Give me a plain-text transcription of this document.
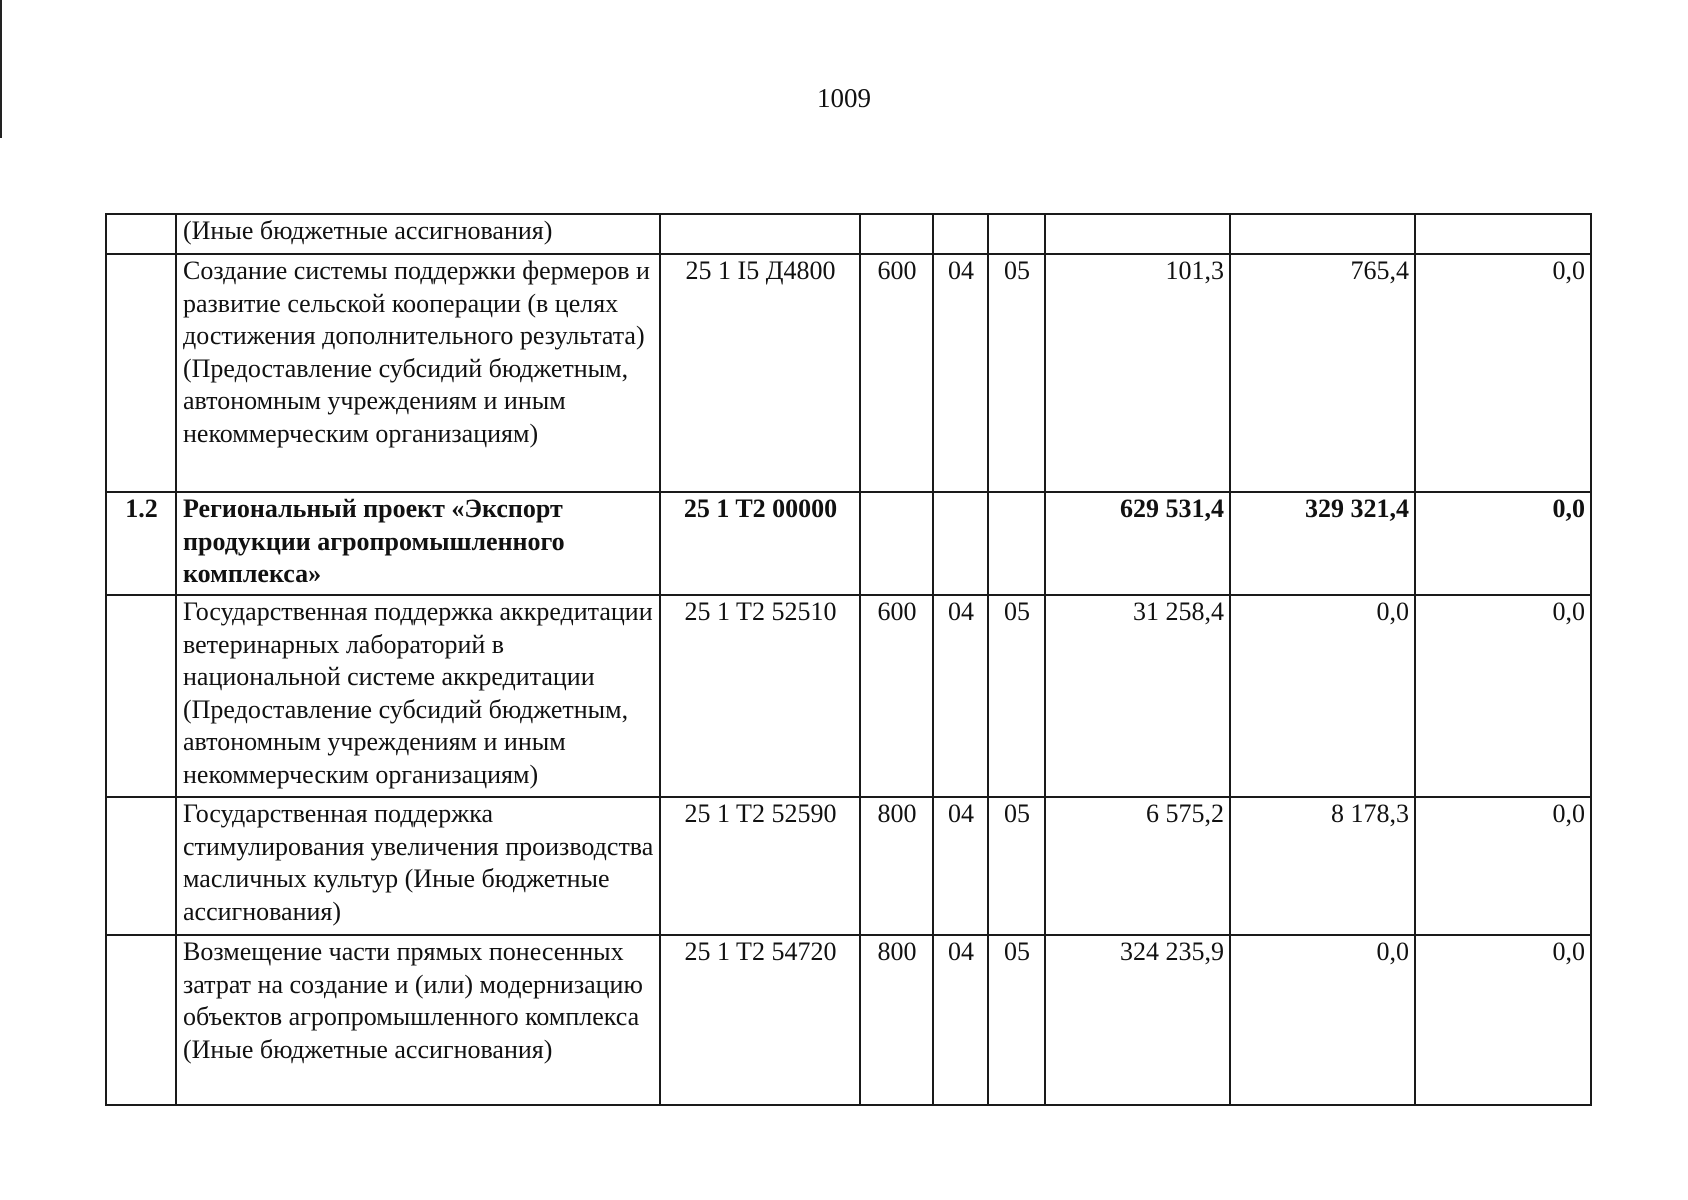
1009
	(Иные бюджетные ассигнования)							
	Создание системы поддержки фермеров и развитие сельской кооперации (в целях достижения дополнительного результата) (Предоставление субсидий бюджетным, автономным учреждениям и иным некоммерческим организациям)	25 1 I5 Д4800	600	04	05	101,3	765,4	0,0
1.2	Региональный проект «Экспорт продукции агропромышленного комплекса»	25 1 T2 00000				629 531,4	329 321,4	0,0
	Государственная поддержка аккредитации ветеринарных лабораторий в национальной системе аккредитации (Предоставление субсидий бюджетным, автономным учреждениям и иным некоммерческим организациям)	25 1 T2 52510	600	04	05	31 258,4	0,0	0,0
	Государственная поддержка стимулирования увеличения производства масличных культур (Иные бюджетные ассигнования)	25 1 T2 52590	800	04	05	6 575,2	8 178,3	0,0
	Возмещение части прямых понесенных затрат на создание и (или) модернизацию объектов агропромышленного комплекса (Иные бюджетные ассигнования)	25 1 T2 54720	800	04	05	324 235,9	0,0	0,0
